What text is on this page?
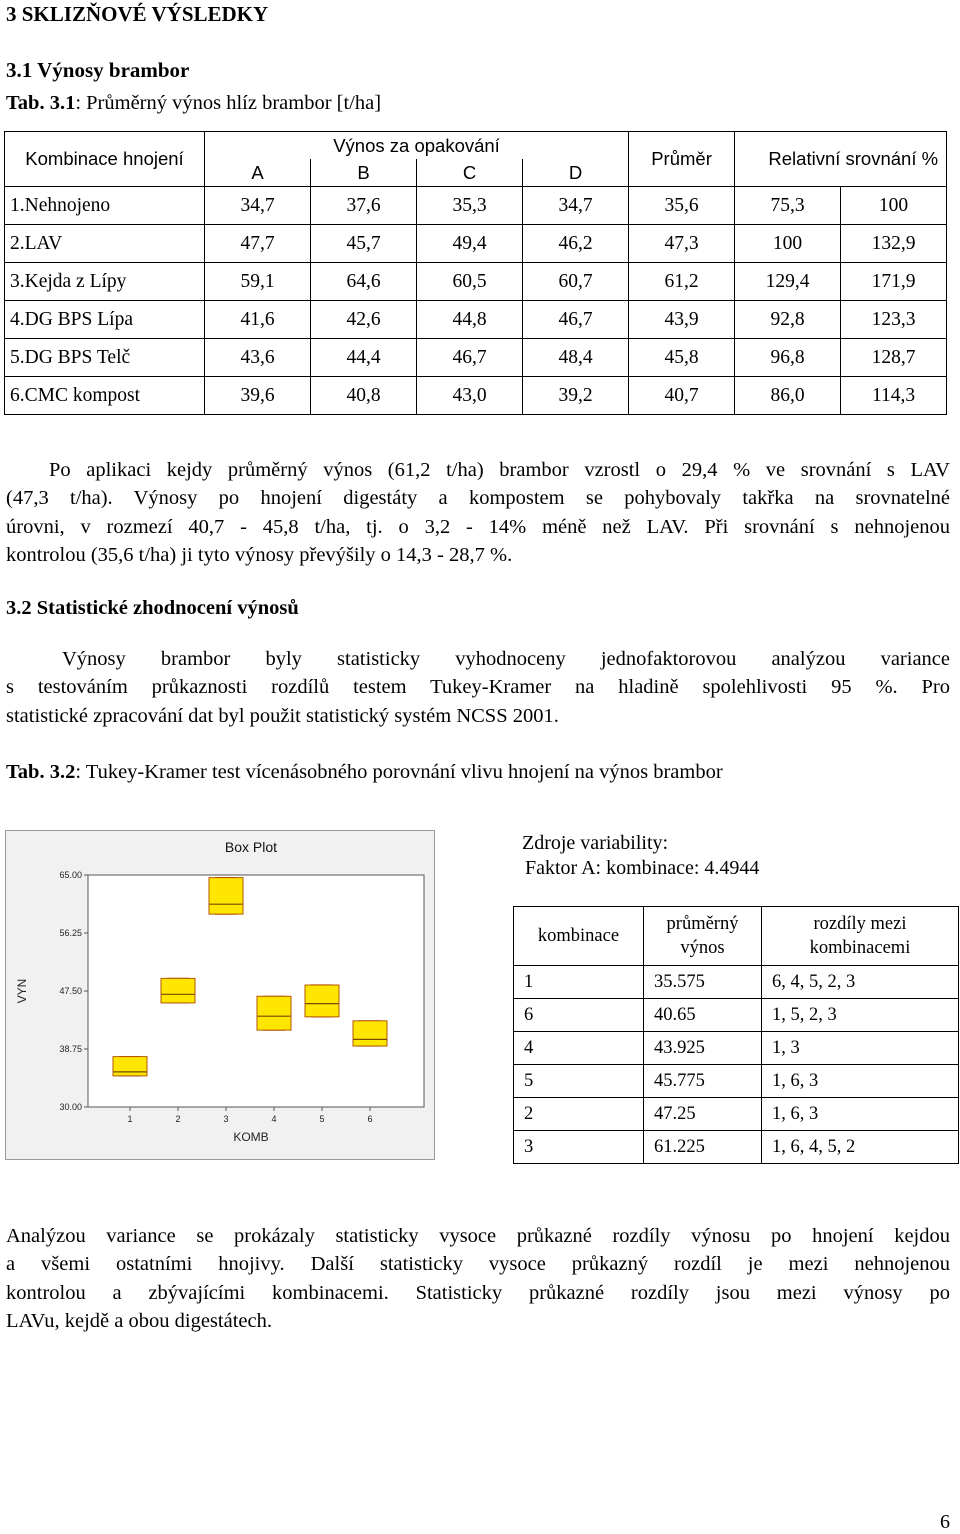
3 SKLIZŇOVÉ VÝSLEDKY
3.1 Výnosy brambor
Tab. 3.1: Průměrný výnos hlíz brambor [t/ha]
Kombinace hnojení	Výnos za opakování				Průměr	Relativní srovnání %	
	A	B	C	D			
1.Nehnojeno	34,7	37,6	35,3	34,7	35,6	75,3	100
2.LAV	47,7	45,7	49,4	46,2	47,3	100	132,9
3.Kejda z Lípy	59,1	64,6	60,5	60,7	61,2	129,4	171,9
4.DG BPS Lípa	41,6	42,6	44,8	46,7	43,9	92,8	123,3
5.DG BPS Telč	43,6	44,4	46,7	48,4	45,8	96,8	128,7
6.CMC kompost	39,6	40,8	43,0	39,2	40,7	86,0	114,3
Po aplikaci kejdy průměrný výnos (61,2 t/ha) brambor vzrostl o 29,4 % ve srovnání s LAV
(47,3 t/ha). Výnosy po hnojení digestáty a kompostem se pohybovaly takřka na srovnatelné
úrovni, v rozmezí 40,7 - 45,8 t/ha, tj. o 3,2 - 14% méně než LAV. Při srovnání s nehnojenou
kontrolou (35,6 t/ha) ji tyto výnosy převýšily o 14,3 - 28,7 %.
3.2 Statistické zhodnocení výnosů
Výnosy brambor byly statisticky vyhodnoceny jednofaktorovou analýzou variance
s testováním průkaznosti rozdílů testem Tukey-Kramer na hladině spolehlivosti 95 %. Pro
statistické zpracování dat byl použit statistický systém NCSS 2001.
Tab. 3.2: Tukey-Kramer test vícenásobného porovnání vlivu hnojení na výnos brambor
Box Plot
65.00
56.25
47.50
38.75
30.00
VYN
1	2	3	4	5	6
KOMB
Zdroje variability:
Faktor A: kombinace: 4.4944
kombinace	průměrný výnos	rozdíly mezi kombinacemi
1	35.575	6, 4, 5, 2, 3
6	40.65	1, 5, 2, 3
4	43.925	1, 3
5	45.775	1, 6, 3
2	47.25	1, 6, 3
3	61.225	1, 6, 4, 5, 2
Analýzou variance se prokázaly statisticky vysoce průkazné rozdíly výnosu po hnojení kejdou
a všemi ostatními hnojivy. Další statisticky vysoce průkazný rozdíl je mezi nehnojenou
kontrolou a zbývajícími kombinacemi. Statisticky průkazné rozdíly jsou mezi výnosy po
LAVu, kejdě a obou digestátech.
6
